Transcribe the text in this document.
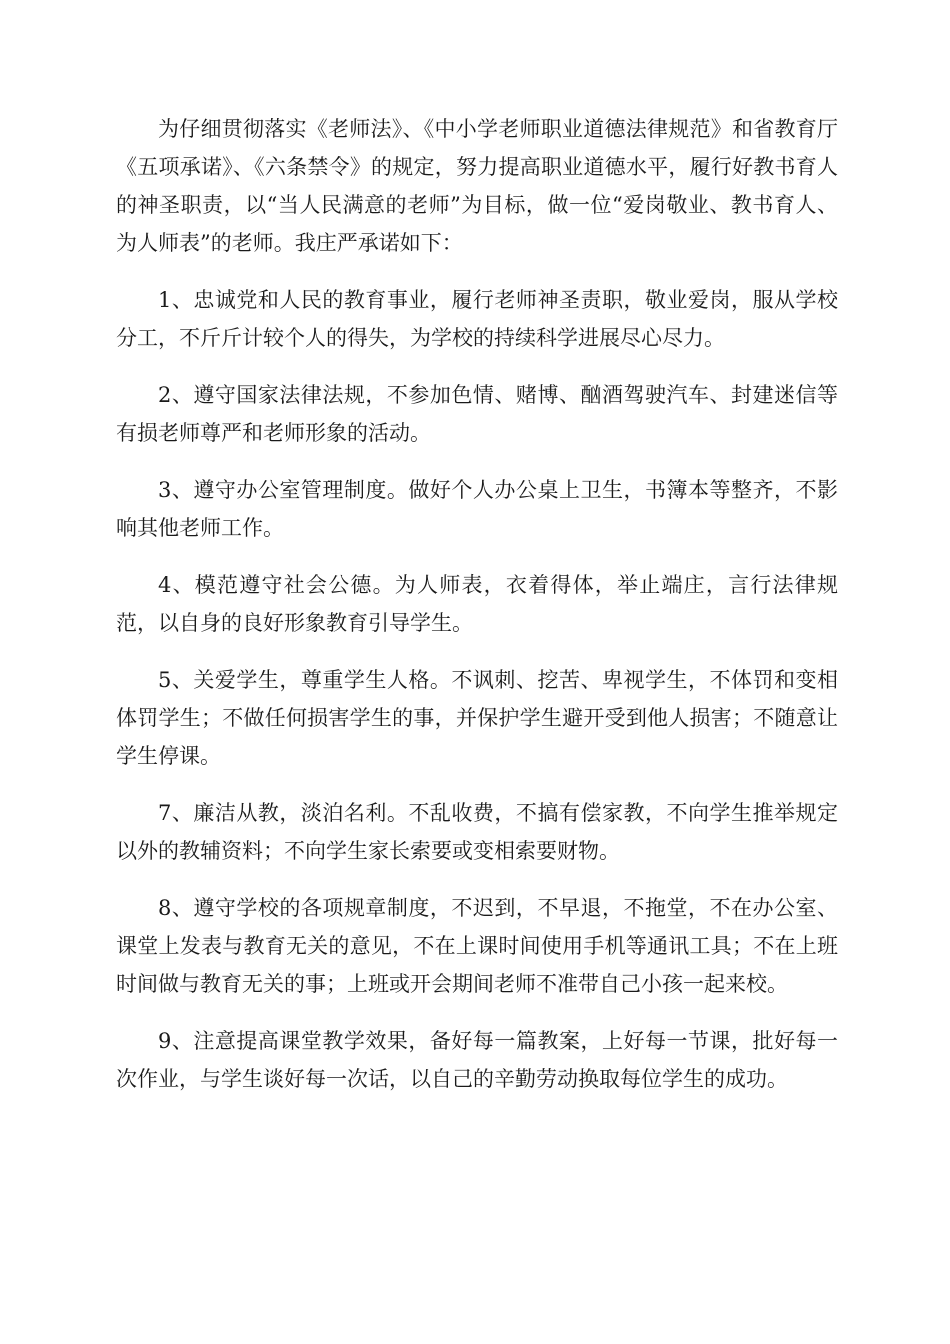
为仔细贯彻落实《老师法》、《中小学老师职业道德法律规范》和省教育厅《五项承诺》、《六条禁令》的规定，努力提高职业道德水平，履行好教书育人的神圣职责，以“当人民满意的老师”为目标，做一位“爱岗敬业、教书育人、为人师表”的老师。我庄严承诺如下：

1、忠诚党和人民的教育事业，履行老师神圣责职，敬业爱岗，服从学校分工，不斤斤计较个人的得失，为学校的持续科学进展尽心尽力。

2、遵守国家法律法规，不参加色情、赌博、酗酒驾驶汽车、封建迷信等有损老师尊严和老师形象的活动。

3、遵守办公室管理制度。做好个人办公桌上卫生，书簿本等整齐，不影响其他老师工作。

4、模范遵守社会公德。为人师表，衣着得体，举止端庄，言行法律规范，以自身的良好形象教育引导学生。

5、关爱学生，尊重学生人格。不讽刺、挖苦、卑视学生，不体罚和变相体罚学生；不做任何损害学生的事，并保护学生避开受到他人损害；不随意让学生停课。

7、廉洁从教，淡泊名利。不乱收费，不搞有偿家教，不向学生推举规定以外的教辅资料；不向学生家长索要或变相索要财物。

8、遵守学校的各项规章制度，不迟到，不早退，不拖堂，不在办公室、课堂上发表与教育无关的意见，不在上课时间使用手机等通讯工具；不在上班时间做与教育无关的事；上班或开会期间老师不准带自己小孩一起来校。

9、注意提高课堂教学效果，备好每一篇教案，上好每一节课，批好每一次作业，与学生谈好每一次话，以自己的辛勤劳动换取每位学生的成功。
